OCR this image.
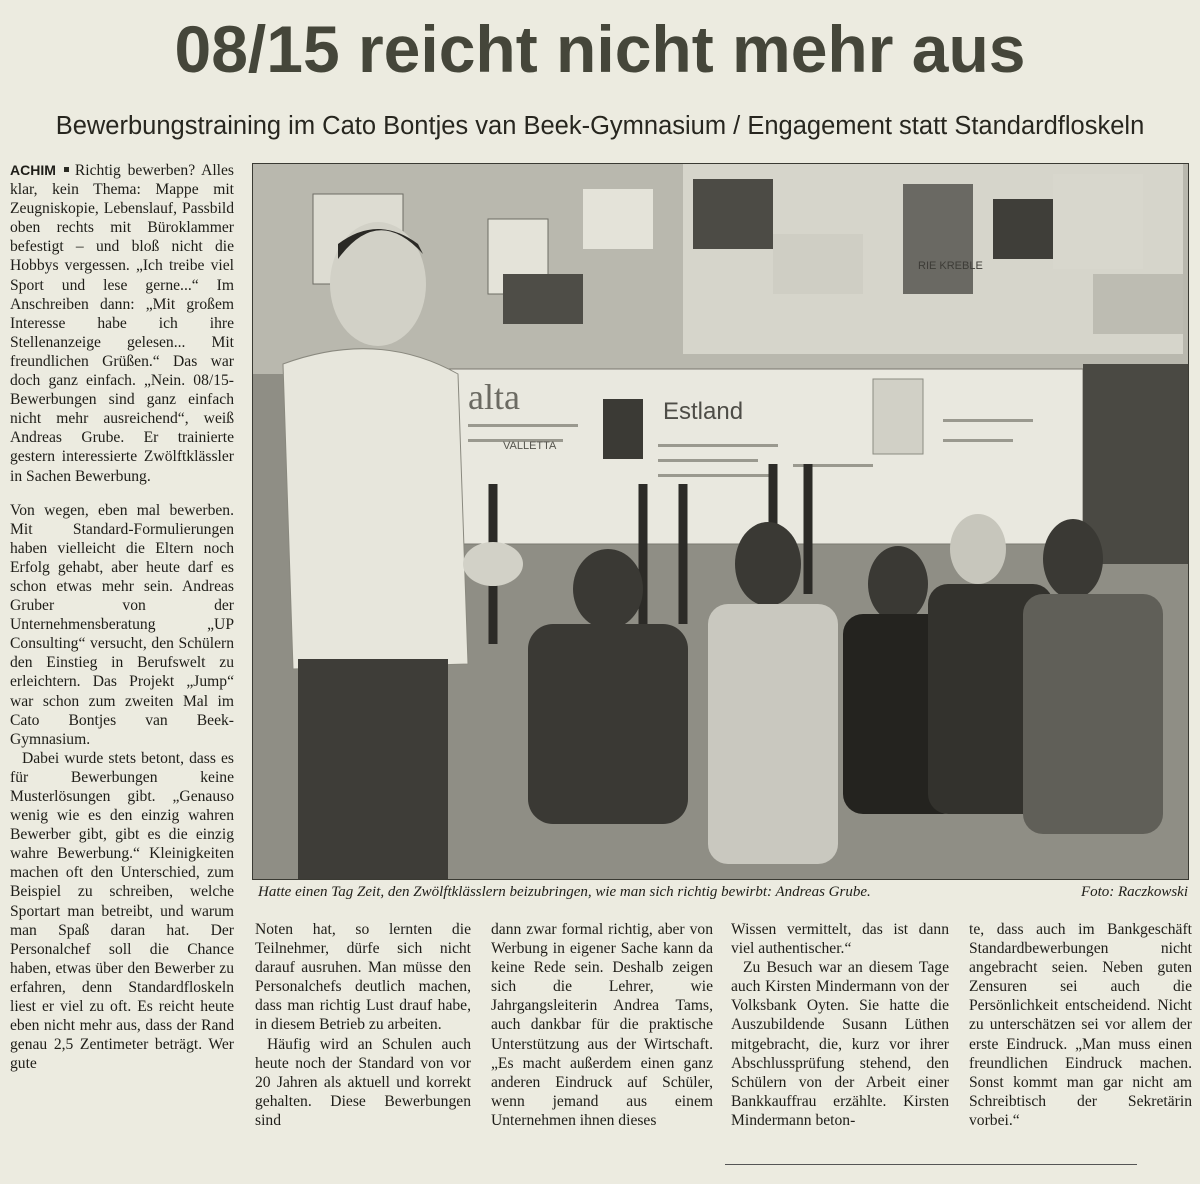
08/15 reicht nicht mehr aus
Bewerbungstraining im Cato Bontjes van Beek-Gymnasium / Engagement statt Standardfloskeln

ACHIM Richtig bewerben? Alles klar, kein Thema: Mappe mit Zeugniskopie, Lebenslauf, Passbild oben rechts mit Büroklammer befestigt – und bloß nicht die Hobbys vergessen. „Ich treibe viel Sport und lese gerne...“ Im Anschreiben dann: „Mit großem Interesse habe ich ihre Stellenanzeige gelesen... Mit freundlichen Grüßen.“ Das war doch ganz einfach. „Nein. 08/15-Bewerbungen sind ganz einfach nicht mehr ausreichend“, weiß Andreas Grube. Er trainierte gestern interessierte Zwölftklässler in Sachen Bewerbung.

Von wegen, eben mal bewerben. Mit Standard-Formulierungen haben vielleicht die Eltern noch Erfolg gehabt, aber heute darf es schon etwas mehr sein. Andreas Gruber von der Unternehmensberatung „UP Consulting“ versucht, den Schülern den Einstieg in Berufswelt zu erleichtern. Das Projekt „Jump“ war schon zum zweiten Mal im Cato Bontjes van Beek-Gymnasium.

Dabei wurde stets betont, dass es für Bewerbungen keine Musterlösungen gibt. „Genauso wenig wie es den einzig wahren Bewerber gibt, gibt es die einzig wahre Bewerbung.“ Kleinigkeiten machen oft den Unterschied, zum Beispiel zu schreiben, welche Sportart man betreibt, und warum man Spaß daran hat. Der Personalchef soll die Chance haben, etwas über den Bewerber zu erfahren, denn Standardfloskeln liest er viel zu oft. Es reicht heute eben nicht mehr aus, dass der Rand genau 2,5 Zentimeter beträgt. Wer gute

alta	Estland
VALLETTA
RIE KREBLE
Hatte einen Tag Zeit, den Zwölftklässlern beizubringen, wie man sich richtig bewirbt: Andreas Grube.	Foto: Raczkowski

Noten hat, so lernten die Teilnehmer, dürfe sich nicht darauf ausruhen. Man müsse den Personalchefs deutlich machen, dass man richtig Lust drauf habe, in diesem Betrieb zu arbeiten.

Häufig wird an Schulen auch heute noch der Standard von vor 20 Jahren als aktuell und korrekt gehalten. Diese Bewerbungen sind

dann zwar formal richtig, aber von Werbung in eigener Sache kann da keine Rede sein. Deshalb zeigen sich die Lehrer, wie Jahrgangsleiterin Andrea Tams, auch dankbar für die praktische Unterstützung aus der Wirtschaft. „Es macht außerdem einen ganz anderen Eindruck auf Schüler, wenn jemand aus einem Unternehmen ihnen dieses

Wissen vermittelt, das ist dann viel authentischer.“

Zu Besuch war an diesem Tage auch Kirsten Mindermann von der Volksbank Oyten. Sie hatte die Auszubildende Susann Lüthen mitgebracht, die, kurz vor ihrer Abschlussprüfung stehend, den Schülern von der Arbeit einer Bankkauffrau erzählte. Kirsten Mindermann beton-

te, dass auch im Bankgeschäft Standardbewerbungen nicht angebracht seien. Neben guten Zensuren sei auch die Persönlichkeit entscheidend. Nicht zu unterschätzen sei vor allem der erste Eindruck. „Man muss einen freundlichen Eindruck machen. Sonst kommt man gar nicht am Schreibtisch der Sekretärin vorbei.“
